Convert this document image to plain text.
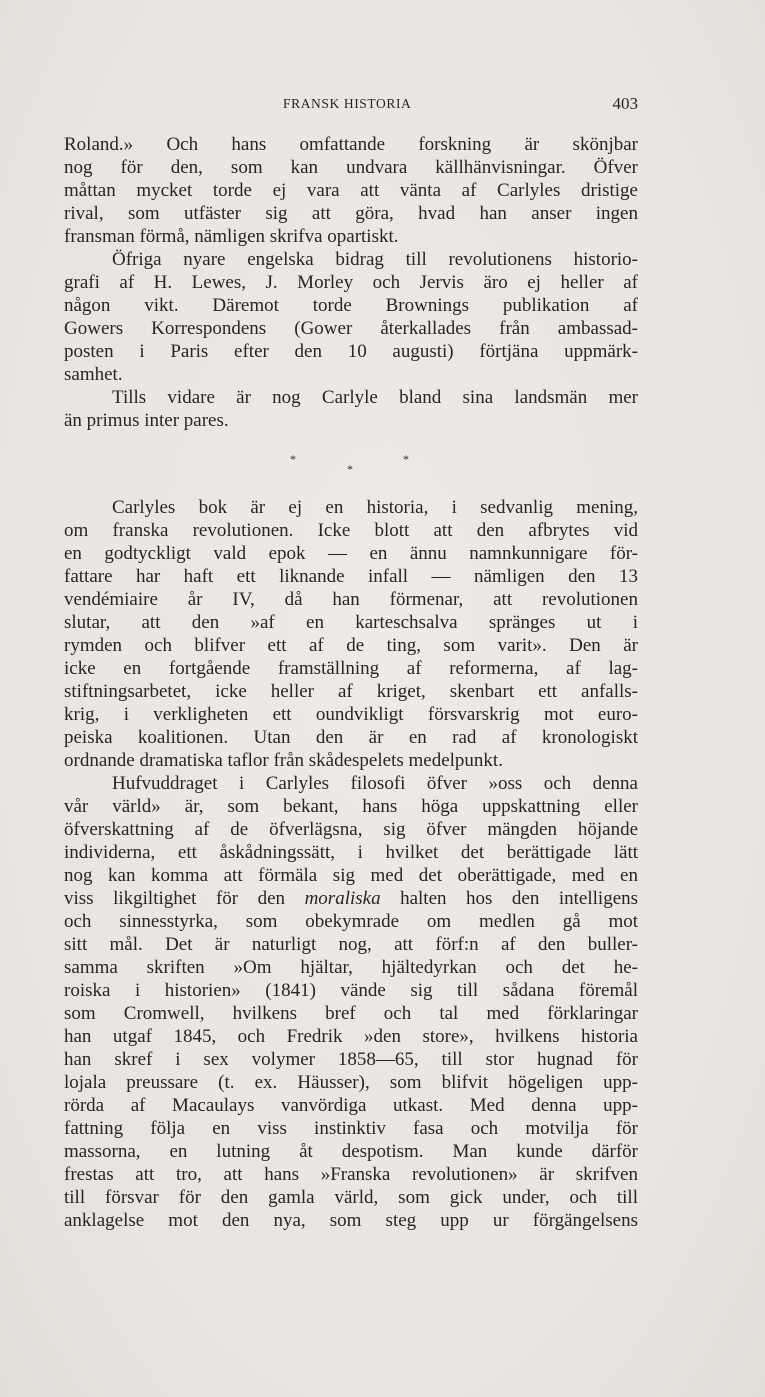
FRANSK HISTORIA	403
Roland.» Och hans omfattande forskning är skönjbar
nog för den, som kan undvara källhänvisningar. Öfver
måttan mycket torde ej vara att vänta af Carlyles dristige
rival, som utfäster sig att göra, hvad han anser ingen
fransman förmå, nämligen skrifva opartiskt.
Öfriga nyare engelska bidrag till revolutionens historio-
grafi af H. Lewes, J. Morley och Jervis äro ej heller af
någon vikt. Däremot torde Brownings publikation af
Gowers Korrespondens (Gower återkallades från ambassad-
posten i Paris efter den 10 augusti) förtjäna uppmärk-
samhet.
Tills vidare är nog Carlyle bland sina landsmän mer
än primus inter pares.
*	*
*
Carlyles bok är ej en historia, i sedvanlig mening,
om franska revolutionen. Icke blott att den afbrytes vid
en godtyckligt vald epok — en ännu namnkunnigare för-
fattare har haft ett liknande infall — nämligen den 13
vendémiaire år IV, då han förmenar, att revolutionen
slutar, att den »af en karteschsalva spränges ut i
rymden och blifver ett af de ting, som varit». Den är
icke en fortgående framställning af reformerna, af lag-
stiftningsarbetet, icke heller af kriget, skenbart ett anfalls-
krig, i verkligheten ett oundvikligt försvarskrig mot euro-
peiska koalitionen. Utan den är en rad af kronologiskt
ordnande dramatiska taflor från skådespelets medelpunkt.
Hufvuddraget i Carlyles filosofi öfver »oss och denna
vår värld» är, som bekant, hans höga uppskattning eller
öfverskattning af de öfverlägsna, sig öfver mängden höjande
individerna, ett åskådningssätt, i hvilket det berättigade lätt
nog kan komma att förmäla sig med det oberättigade, med en
viss likgiltighet för den moraliska halten hos den intelligens
och sinnesstyrka, som obekymrade om medlen gå mot
sitt mål. Det är naturligt nog, att förf:n af den buller-
samma skriften »Om hjältar, hjältedyrkan och det he-
roiska i historien» (1841) vände sig till sådana föremål
som Cromwell, hvilkens bref och tal med förklaringar
han utgaf 1845, och Fredrik »den store», hvilkens historia
han skref i sex volymer 1858—65, till stor hugnad för
lojala preussare (t. ex. Häusser), som blifvit högeligen upp-
rörda af Macaulays vanvördiga utkast. Med denna upp-
fattning följa en viss instinktiv fasa och motvilja för
massorna, en lutning åt despotism. Man kunde därför
frestas att tro, att hans »Franska revolutionen» är skrifven
till försvar för den gamla värld, som gick under, och till
anklagelse mot den nya, som steg upp ur förgängelsens
